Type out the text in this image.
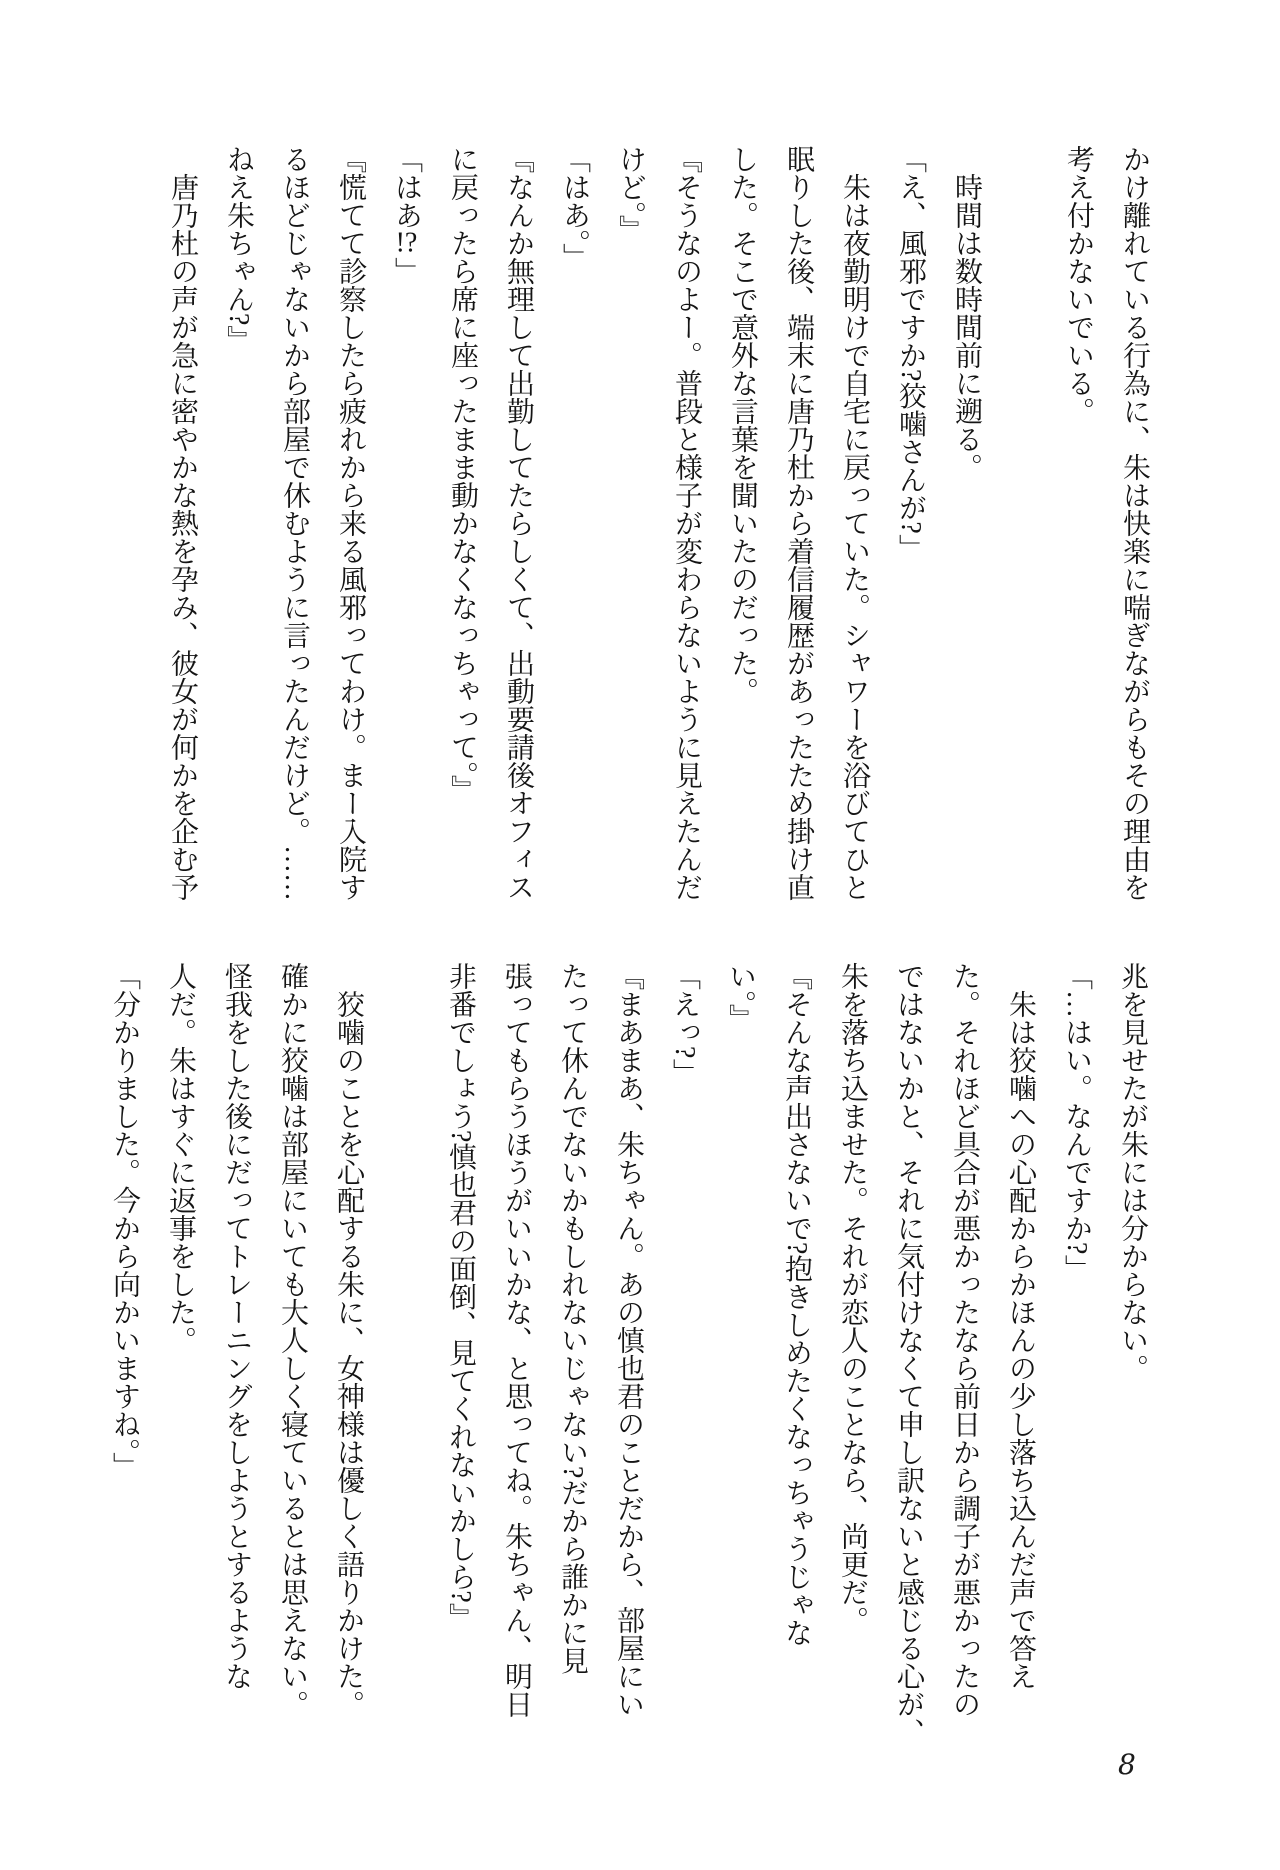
かけ離れている行為に、朱は快楽に喘ぎながらもその理由を

考え付かないでいる。

　時間は数時間前に遡る。

「え、風邪ですか?狡噛さんが?」

　朱は夜勤明けで自宅に戻っていた。シャワーを浴びてひと

眠りした後、端末に唐乃杜から着信履歴があったため掛け直

した。そこで意外な言葉を聞いたのだった。

『そうなのよー。普段と様子が変わらないように見えたんだ

けど。』

「はあ。」

『なんか無理して出勤してたらしくて、出動要請後オフィス

に戻ったら席に座ったまま動かなくなっちゃって。』

「はあ!?」

『慌てて診察したら疲れから来る風邪ってわけ。まー入院す

るほどじゃないから部屋で休むように言ったんだけど。……

ねえ朱ちゃん?』

　唐乃杜の声が急に密やかな熱を孕み、彼女が何かを企む予

兆を見せたが朱には分からない。

「…はい。なんですか?」

　朱は狡噛への心配からかほんの少し落ち込んだ声で答え

た。それほど具合が悪かったなら前日から調子が悪かったの

ではないかと、それに気付けなくて申し訳ないと感じる心が、

朱を落ち込ませた。それが恋人のことなら、尚更だ。

『そんな声出さないで?抱きしめたくなっちゃうじゃな

い。』

「えっ?」

『まあまあ、朱ちゃん。あの慎也君のことだから、部屋にい

たって休んでないかもしれないじゃない?だから誰かに見

張ってもらうほうがいいかな、と思ってね。朱ちゃん、明日

非番でしょう?慎也君の面倒、見てくれないかしら?』

　狡噛のことを心配する朱に、女神様は優しく語りかけた。

確かに狡噛は部屋にいても大人しく寝ているとは思えない。

怪我をした後にだってトレーニングをしようとするような

人だ。朱はすぐに返事をした。

「分かりました。今から向かいますね。」

8
